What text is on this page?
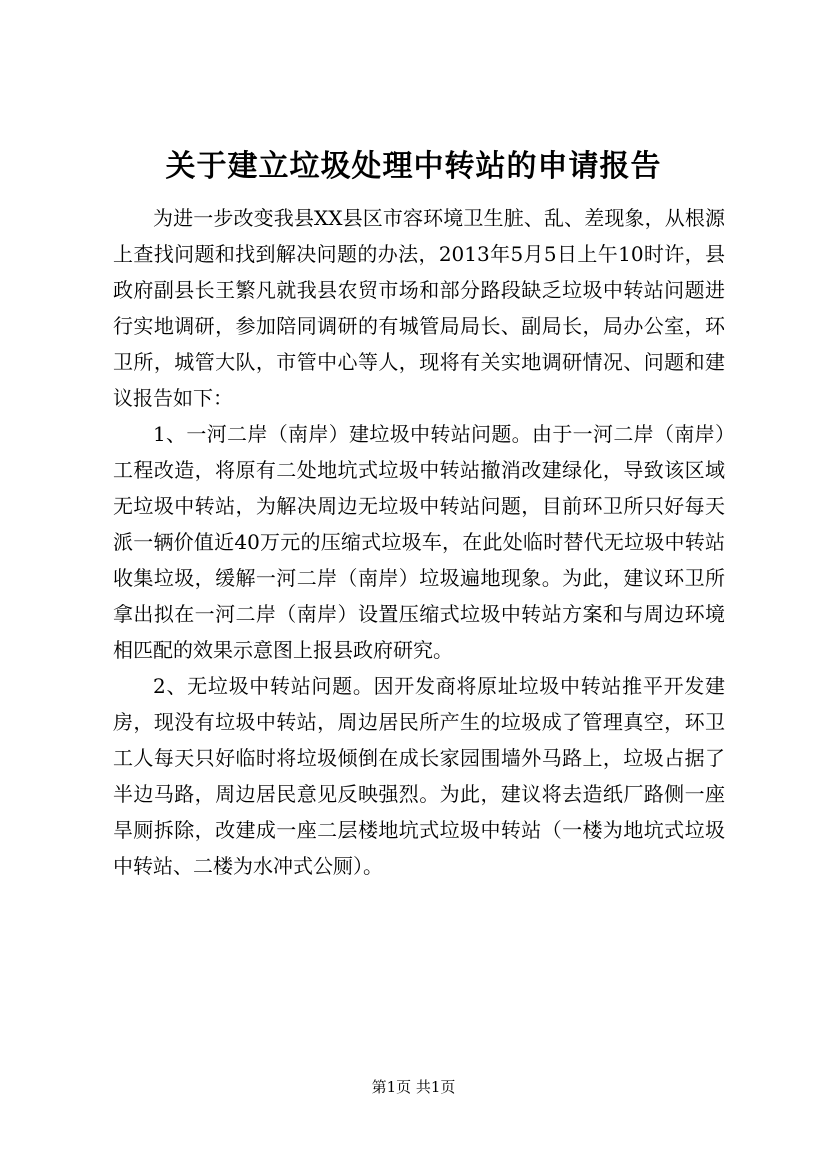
关于建立垃圾处理中转站的申请报告

为进一步改变我县XX县区市容环境卫生脏、乱、差现象，从根源上查找问题和找到解决问题的办法，2013年5月5日上午10时许，县政府副县长王繁凡就我县农贸市场和部分路段缺乏垃圾中转站问题进行实地调研，参加陪同调研的有城管局局长、副局长，局办公室，环卫所，城管大队，市管中心等人，现将有关实地调研情况、问题和建议报告如下：

1、一河二岸（南岸）建垃圾中转站问题。由于一河二岸（南岸）工程改造，将原有二处地坑式垃圾中转站撤消改建绿化，导致该区域无垃圾中转站，为解决周边无垃圾中转站问题，目前环卫所只好每天派一辆价值近40万元的压缩式垃圾车，在此处临时替代无垃圾中转站收集垃圾，缓解一河二岸（南岸）垃圾遍地现象。为此，建议环卫所拿出拟在一河二岸（南岸）设置压缩式垃圾中转站方案和与周边环境相匹配的效果示意图上报县政府研究。

2、无垃圾中转站问题。因开发商将原址垃圾中转站推平开发建房，现没有垃圾中转站，周边居民所产生的垃圾成了管理真空，环卫工人每天只好临时将垃圾倾倒在成长家园围墙外马路上，垃圾占据了半边马路，周边居民意见反映强烈。为此，建议将去造纸厂路侧一座旱厕拆除，改建成一座二层楼地坑式垃圾中转站（一楼为地坑式垃圾中转站、二楼为水冲式公厕）。

第1页 共1页
